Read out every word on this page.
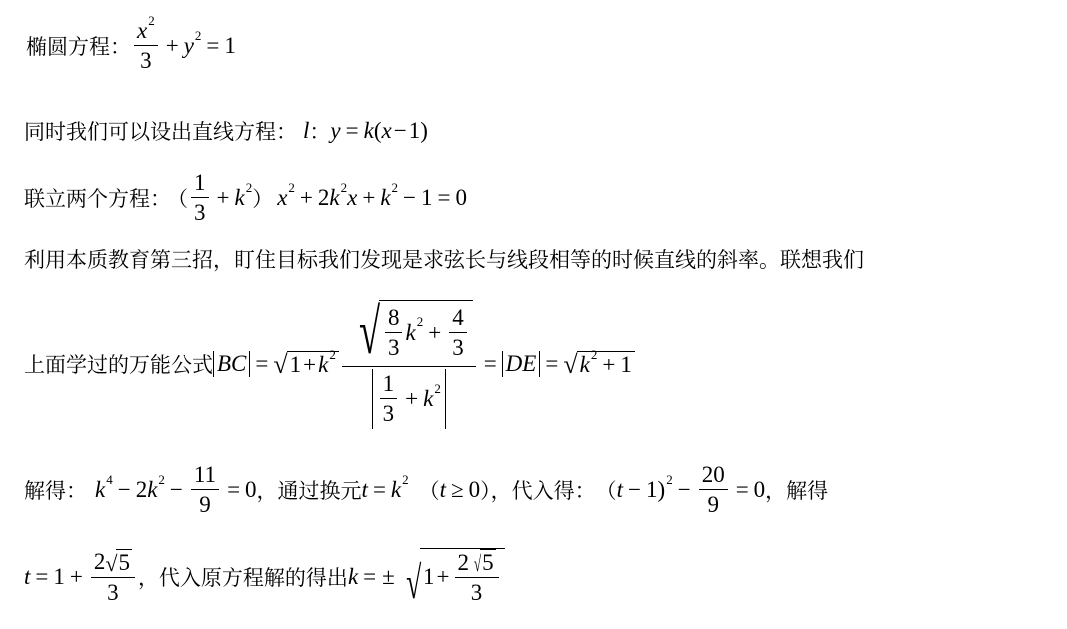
椭圆方程： $\frac{x^2}{3} + y^2 = 1$
同时我们可以设出直线方程： l ： y = k ( x − 1)
联立两个方程：
（ $\frac{1}{3} + k^2$ ） $x^2 + 2$ $k^2$ $x + k^2 - 1 = 0$
利用本质教育第三招，盯住目标我们发现是求弦长与线段相等的时候直线的斜率。联想我们
上面学过的万能公式 BC = √ $1 + k^2 \frac{√ \frac{8}{3} k^2 + \frac{4}{3}}{\frac{1}{3} + k^2}$ = DE = √ $k^2 + 1$
解得： $k^4 - 2$ $k^2 - \frac{11}{9} = 0$ ，通过换元 $t = k^2$ （ t ≥ 0 ），代入得： （ $t - 1)^2 - \frac{20}{9} = 0$ ，解得
$t = 1 + \frac{2 √ 5}{3}$ ，代入原方程解的得出 k = ± √ $1 + \frac{2 √ 5}{3}$
